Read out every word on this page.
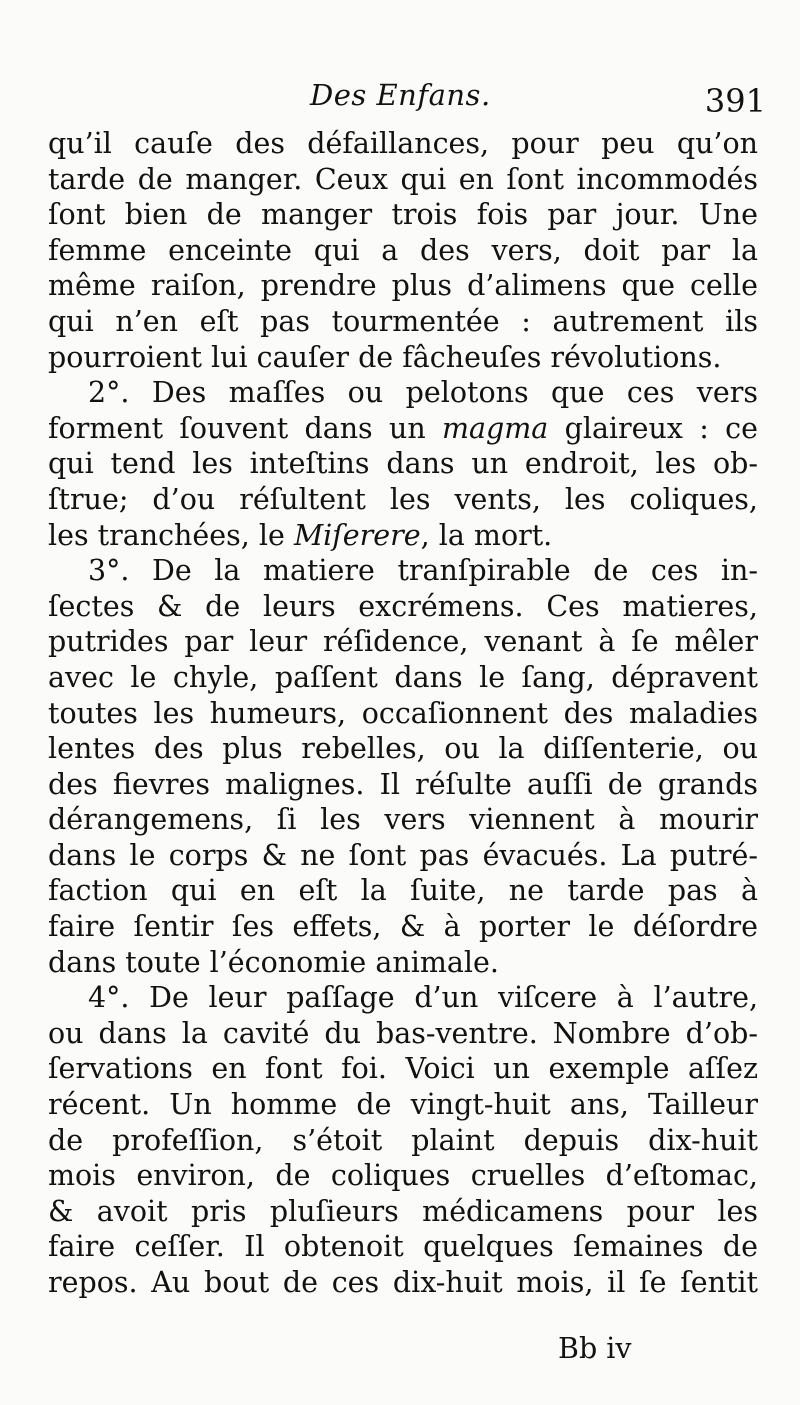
Des Enfans.	391
qu’il cauſe des défaillances, pour peu qu’on
tarde de manger. Ceux qui en ſont incommodés
ſont bien de manger trois fois par jour. Une
femme enceinte qui a des vers, doit par la
même raiſon, prendre plus d’alimens que celle
qui n’en eſt pas tourmentée : autrement ils
pourroient lui cauſer de fâcheuſes révolutions.
2°. Des maſſes ou pelotons que ces vers
forment ſouvent dans un magma glaireux : ce
qui tend les inteſtins dans un endroit, les ob-
ſtrue; d’ou réſultent les vents, les coliques,
les tranchées, le Miſerere, la mort.
3°. De la matiere tranſpirable de ces in-
ſectes & de leurs excrémens. Ces matieres,
putrides par leur réſidence, venant à ſe mêler
avec le chyle, paſſent dans le ſang, dépravent
toutes les humeurs, occaſionnent des maladies
lentes des plus rebelles, ou la diſſenterie, ou
des fievres malignes. Il réſulte auſſi de grands
dérangemens, ſi les vers viennent à mourir
dans le corps & ne ſont pas évacués. La putré-
faction qui en eſt la ſuite, ne tarde pas à
faire ſentir ſes effets, & à porter le déſordre
dans toute l’économie animale.
4°. De leur paſſage d’un viſcere à l’autre,
ou dans la cavité du bas-ventre. Nombre d’ob-
ſervations en font foi. Voici un exemple aſſez
récent. Un homme de vingt-huit ans, Tailleur
de profeſſion, s’étoit plaint depuis dix-huit
mois environ, de coliques cruelles d’eſtomac,
& avoit pris pluſieurs médicamens pour les
faire ceſſer. Il obtenoit quelques ſemaines de
repos. Au bout de ces dix-huit mois, il ſe ſentit
Bb iv
